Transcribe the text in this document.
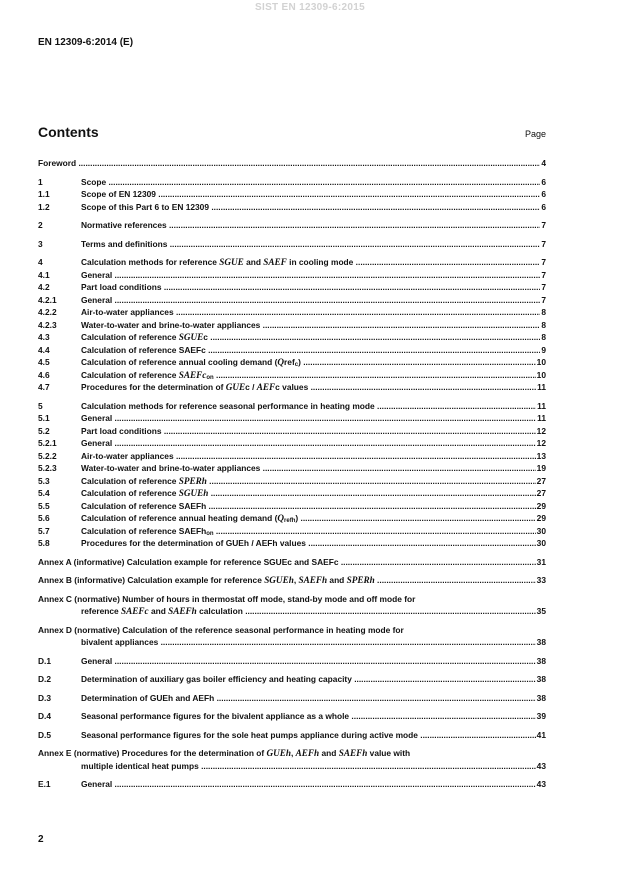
SIST EN 12309-6:2015
EN 12309-6:2014 (E)
Contents	Page
Foreword .....	4
1	Scope .....	6
1.1	Scope of EN 12309 .....	6
1.2	Scope of this Part 6 to EN 12309 .....	6
2	Normative references .....	7
3	Terms and definitions .....	7
4	Calculation methods for reference SGUE and SAEF in cooling mode .....	7
4.1	General .....	7
4.2	Part load conditions .....	7
4.2.1	General .....	7
4.2.2	Air-to-water appliances .....	8
4.2.3	Water-to-water and brine-to-water appliances .....	8
4.3	Calculation of reference SGUEc .....	8
4.4	Calculation of reference SAEFc .....	9
4.5	Calculation of reference annual cooling demand (Qref$_c$) .....	10
4.6	Calculation of reference SAEFc$_{on}$ .....	10
4.7	Procedures for the determination of GUEc / AEFc values .....	11
5	Calculation methods for reference seasonal performance in heating mode .....	11
5.1	General .....	11
5.2	Part load conditions .....	12
5.2.1	General .....	12
5.2.2	Air-to-water appliances .....	13
5.2.3	Water-to-water and brine-to-water appliances .....	19
5.3	Calculation of reference SPERh .....	27
5.4	Calculation of reference SGUEh .....	27
5.5	Calculation of reference SAEFh .....	29
5.6	Calculation of reference annual heating demand $(Q_{refh})$ .....	29
5.7	Calculation of reference SAEFh$_{on}$ .....	30
5.8	Procedures for the determination of GUEh / AEFh values .....	30
Annex A (informative) Calculation example for reference SGUEc and SAEFc .....	31
Annex B (informative) Calculation example for reference SGUEh, SAEFh and SPERh .....	33
Annex C (normative) Number of hours in thermostat off mode, stand-by mode and off mode for
reference SAEFc and SAEFh calculation .....	35
Annex D (normative) Calculation of the reference seasonal performance in heating mode for
bivalent appliances .....	38
D.1	General .....	38
D.2	Determination of auxiliary gas boiler efficiency and heating capacity .....	38
D.3	Determination of GUEh and AEFh .....	38
D.4	Seasonal performance figures for the bivalent appliance as a whole .....	39
D.5	Seasonal performance figures for the sole heat pumps appliance during active mode .....	41
Annex E (normative) Procedures for the determination of GUEh, AEFh and SAEFh value with
multiple identical heat pumps .....	43
E.1	General .....	43
2
